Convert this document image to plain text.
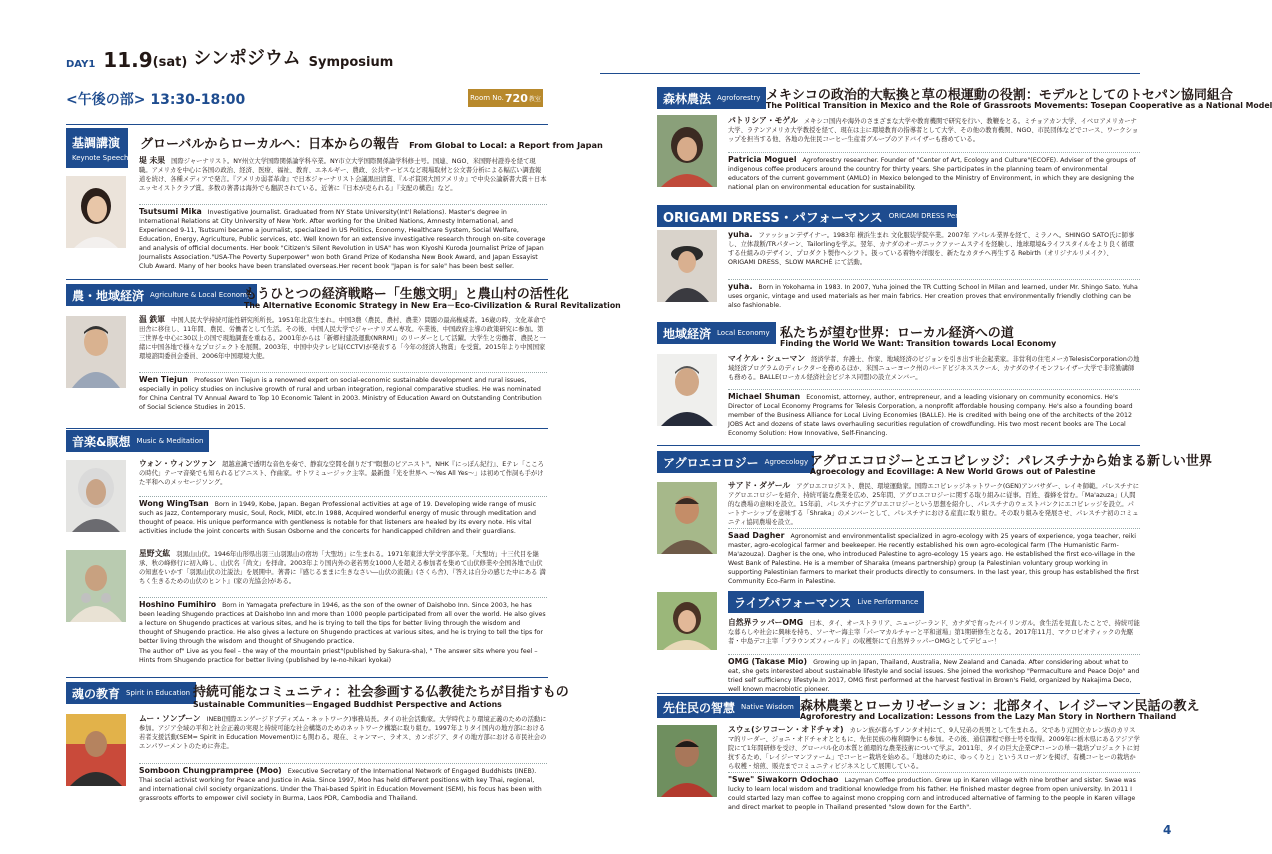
DAY1 11.9 (sat) シンポジウム Symposium
<午後の部> 13:30-18:00	Room No. 720 教室
基調講演
Keynote Speech
グローバルからローカルへ：日本からの報告 From Global to Local: a Report from Japan
堤 未果 国際ジャーナリスト。NY州立大学国際関係論学科卒業。NY市立大学国際関係論学科修士号。国連、NGO、米国野村證券を経て現職。アメリカを中心に各国の政治、経済、医療、福祉、教育、エネルギー、農政、公共サービスなど現場取材と公文書分析による幅広い調査報道を続け、各種メディアで発言。『アメリカ弱者革命』で日本ジャーナリスト会議黒田清賞、『ルポ貧困大国アメリカ』で中央公論新書大賞＋日本エッセイストクラブ賞。多数の著書は海外でも翻訳されている。近著に『日本が売られる』『支配の構造』など。
Tsutsumi Mika Investigative Journalist. Graduated from NY State University(Int'l Relations). Master's degree in International Relations at City University of New York. After working for the United Nations, Amnesty International, and Experienced 9-11, Tsutsumi became a journalist, specialized in US Politics, Economy, Healthcare System, Social Welfare, Education, Energy, Agriculture, Public services, etc. Well known for an extensive investigative research through on-site coverage and analysis of official documents. Her book "Citizen's Silent Revolution in USA" has won Kiyoshi Kuroda Journalist Prize of Japan Journalists Association."USA-The Poverty Superpower" won both Grand Prize of Kodansha New Book Award, and Japan Essayist Club Award. Many of her books have been translated overseas.Her recent book "Japan is for sale" has been best seller.
農・地域経済 Agriculture & Local Economy
もうひとつの経済戦略ー「生態文明」と農山村の活性化
The Alternative Economic Strategy in New Era－Eco-Civilization & Rural Revitalization
温 鉄軍 中国人民大学持続可能性研究所所長。1951年北京生まれ。中国3農（農民、農村、農業）問題の最高権威者。16歳の時、文化革命で田舎に移住し、11年間、農民、労働者として生活。その後、中国人民大学でジャーナリズム専攻。卒業後、中国政府主導の政策研究に参加。第三世界を中心に30以上の国で現地調査を重ねる。2001年からは「新郷村建設運動(NRRM)」のリーダーとして活躍。大学生と労働者、農民と一緒に中国各地で様々なプロジェクトを展開。2003年、中国中央テレビ局(CCTV)が発表する「今年の経済人物賞」を受賞。2015年より中国国家環境諮問委員会委員、2006年中国環境大使。
Wen Tiejun Professor Wen Tiejun is a renowned expert on social-economic sustainable development and rural issues, especially in policy studies on inclusive growth of rural and urban integration, regional comparative studies. He was nominated for China Central TV Annual Award to Top 10 Economic Talent in 2003. Ministry of Education Award on Outstanding Contribution of Social Science Studies in 2015.
音楽&瞑想 Music & Meditation
ウォン・ウィンツァン 超越意識で透明な音色を奏で、静寂な空間を創りだす"瞑想のピアニスト"。NHK『にっぽん紀行』、Eテレ「こころの時代」テーマ音楽でも知られるピアニスト、作曲家。サトワミュージック主宰。最新盤「光を世界へ ～Yes All Yes～」は初めて作詞も手がけた平和へのメッセージソング。
Wong WingTsan Born in 1949, Kobe, Japan. Began Professional activities at age of 19. Developing wide range of music such as Jazz, Contemporary music, Soul, Rock, MIDI, etc.In 1988, Acquired wonderful energy of music through meditation and thought of peace. His unique performance with gentleness is notable for that listeners are healed by its every note. His vital activities include the joint concerts with Susan Osborne and the concerts for handicapped children and their guardians.
星野文紘 羽黒山山伏。1946年山形県出羽三山羽黒山の宿坊「大聖坊」に生まれる。1971年東洋大学文学部卒業。「大聖坊」十三代目を継承、秋の峰修行に初入峰し、山伏名「尚文」を拝命。2003年より国内外の老若男女1000人を超える参加者を集めて山伏修業や全国各地で山伏の知恵をいかす「羽黒山伏の辻説法」を展開中。著書に『感じるままに生きなさい―山伏の流儀』(さくら舎)、『答えは自分の感じた中にある 満ちく生きるための山伏のヒント』(家の光協会)がある。
Hoshino Fumihiro Born in Yamagata prefecture in 1946, as the son of the owner of Daishobo Inn. Since 2003, he has been leading Shugendo practices at Daishobo Inn and more than 1000 people participated from all over the world. He also gives a lecture on Shugendo practices at various sites, and he is trying to tell the tips for better living through the wisdom and thought of Shugendo practice. He also gives a lecture on Shugendo practices at various sites, and he is trying to tell the tips for better living through the wisdom and thought of Shugendo practice.
The author of" Live as you feel – the way of the mountain priest"(published by Sakura-sha), " The answer sits where you feel – Hints from Shugendo practice for better living (published by Ie-no-hikari kyokai)
魂の教育 Spirit in Education 持続可能なコミュニティ：社会参画する仏教徒たちが目指すもの
Sustainable Communities－Engaged Buddhist Perspective and Actions
ムー・ソンブーン INEB(国際エンゲージドブディズム・ネットワーク)事務局長。タイの社会活動家。大学時代より環境正義のための活動に参加。アジア全域の平和と社会正義の実現と持続可能な社会構築のためのネットワーク構築に取り組む。1997年よりタイ国内の地方部における若者支援活動(SEM= Spirit in Education Movement)にも関わる。現在、ミャンマー、ラオス、カンボジア、タイの地方部における市民社会のエンパワーメントのために奔走。
Somboon Chungprampree (Moo) Executive Secretary of the International Network of Engaged Buddhists (INEB). Thai social activist working for Peace and Justice in Asia. Since 1997, Moo has held different positions with key Thai, regional, and international civil society organizations. Under the Thai-based Spirit in Education Movement (SEM), his focus has been with grassroots efforts to empower civil society in Burma, Laos PDR, Cambodia and Thailand.
森林農法 Agroforestry メキシコの政治的大転換と草の根運動の役割：モデルとしてのトセパン協同組合
The Political Transition in Mexico and the Role of Grassroots Movements: Tosepan Cooperative as a National Model
パトリシア・モゲル メキシコ国内や海外のさまざまな大学や教育機関で研究を行い、教鞭をとる。ミチョアカン大学、イベロアメリカーナ大学、ラテンアメリカ大学教授を経て、現在は主に環境教育の指導者として大学、その他の教育機関、NGO、市民団体などでコース、ワークショップを担当する他、各地の先住民コーヒー生産者グループのアドバイザーも務めている。
Patricia Moguel Agroforestry researcher. Founder of "Center of Art, Ecology and Culture"(ECOFE). Adviser of the groups of indigenous coffee producers around the country for thirty years. She participates in the planning team of environmental educators of the current government (AMLO) in Mexico belonged to the Ministry of Environment, in which they are designing the national plan on environmental education for sustainability.
ORIGAMI DRESS・パフォーマンス ORICAMI DRESS Performance
yuha. ファッションデザイナー。1983年 横浜生まれ 文化服装学院卒業。2007年 アパレル業界を経て、ミラノへ。SHINGO SATO氏に師事し、立体裁断/TRパターン、Tailorlingを学ぶ。翌年、カナダのオーガニックファームステイを経験し、地球環境&ライフスタイルをより良く循環する仕組みのデザイン、プロダクト製作ヘシフト。扱っている着物や洋服を、新たなカタチへ再生する Rebirth（オリジナルリメイク）、ORIGAMI DRESS、SLOW MARCHÉ にて活動。
yuha. Born in Yokohama in 1983. In 2007, Yuha joined the TR Cutting School in Milan and learned, under Mr. Shingo Sato. Yuha uses organic, vintage and used materials as her main fabrics. Her creation proves that environmentally friendly clothing can be also fashionable.
地域経済 Local Economy 私たちが望む世界：ローカル経済への道
Finding the World We Want: Transition towards Local Economy
マイケル・シューマン 経済学者、弁護士、作家、地域経済のビジョンを引き出す社会起業家。非営利の住宅メーカTelesisCorporationの地域経済プログラムのディレクターを務めるほか、米国ニューヨーク州のバードビジネススクール、カナダのサイモンフレイザー大学で非常勤講師も務める。BALLE(ローカル経済社会ビジネス同盟)の設立メンバー。
Michael Shuman Economist, attorney, author, entrepreneur, and a leading visionary on community economics. He's Director of Local Economy Programs for Telesis Corporation, a nonprofit affordable housing company. He's also a founding board member of the Business Alliance for Local Living Economies (BALLE). He is credited with being one of the architects of the 2012 JOBS Act and dozens of state laws overhauling securities regulation of crowdfunding. His two most recent books are The Local Economy Solution: How Innovative, Self-Financing.
アグロエコロジー Agroecology アグロエコロジーとエコビレッジ：パレスチナから始まる新しい世界
Agroecology and Ecovillage: A New World Grows out of Palestine
サアド・ダゲール アグロエコロジスト、農民、環境運動家。国際エコビレッジネットワーク(GEN)アンバサダー、レイキ師範。パレスチナにアグロエコロジーを紹介、持続可能な農業を広め、25年間、アグロエコロジーに関する取り組みに従事。百姓、養蜂を営む。「Ma'azuza」(人間的な農場の意味)を設立。15年前、パレスチナにアグロエコロジーという思想を紹介し、パレスチナのウェストバンクにエコビレッジを設立。パートナーシップを意味する「Shraka」のメンバーとして、パレスチナにおける産直に取り組む。その取り組みを発展させ、パレスチナ初のコミュニティ協同農場を設立。
Saad Dagher Agronomist and environmentalist specialized in agro-ecology with 25 years of experience, yoga teacher, reiki master, agro-ecological farmer and beekeeper. He recently established his own agro-ecological farm (The Humanistic Farm- Ma'azouza). Dagher is the one, who introduced Palestine to agro-ecology 15 years ago. He established the first eco-village in the West Bank of Palestine. He is a member of Sharaka (means partnership) group (a Palestinian voluntary group working in supporting Palestinian farmers to market their products directly to consumers. In the last year, this group has established the first Community Eco-Farm in Palestine.
ライブパフォーマンス Live Performance
自然界ラッパーOMG 日本、タイ、オーストラリア、ニュージーランド、カナダで育ったバイリンガル。食生活を見直したことで、持続可能な暮らしや社会に興味を持ち、ソーヤー海主宰「パーマカルチャーと平和道場」第1期研修生となる。2017年11月、マクロビオティックの先駆者・中島デコ主宰「ブラウンズフィールド」の収穫祭にて自然界ラッパーOMGとしてデビュー！
OMG (Takase Mio) Growing up in Japan, Thailand, Australia, New Zealand and Canada. After considering about what to eat, she gets interested about sustainable lifestyle and social issues. She joined the workshop "Permaculture and Peace Dojo" and tried self sufficiency lifestyle.In 2017, OMG first performed at the harvest festival in Brown's Field, organized by Nakajima Deco, well known macrobiotic pioneer.
先住民の智慧 Native Wisdom 森林農業とローカリゼーション：北部タイ、レイジーマン民話の教え
Agroforestry and Localization: Lessons from the Lazy Man Story in Northern Thailand
スウェ(シワコーン・オドチャオ) カレン族が暮らすノンタオ村にて、9人兄弟の長男として生まれる。父であり元国立カレン族のカリスマ的リーダー、ジョニ・オドチャオとともに、先住民族の権利闘争にも参加。その後、通信課程で修士号を取得。2009年に栃木県にあるアジア学院にて1年間研修を受け、グローバル化の本質と循環的な農業技術について学ぶ。2011年、タイの巨大企業CPコーンの単一栽培プロジェクトに対抗するため、「レイジーマンファーム」でコーヒー栽培を始める。「地球のために、ゆっくりと」というスローガンを掲げ、有機コーヒーの栽培から収穫・焙煎、販売までコミュニティビジネスとして展開している。
"Swe" Siwakorn Odochao Lazyman Coffee production. Grew up in Karen village with nine brother and sister. Swae was lucky to learn local wisdom and traditional knowledge from his father. He finished master degree from open university. In 2011 I could started lazy man coffee to against mono cropping corn and introduced alternative of farming to the people in Karen village and direct market to people in Thailand presented "slow down for the Earth".
4
